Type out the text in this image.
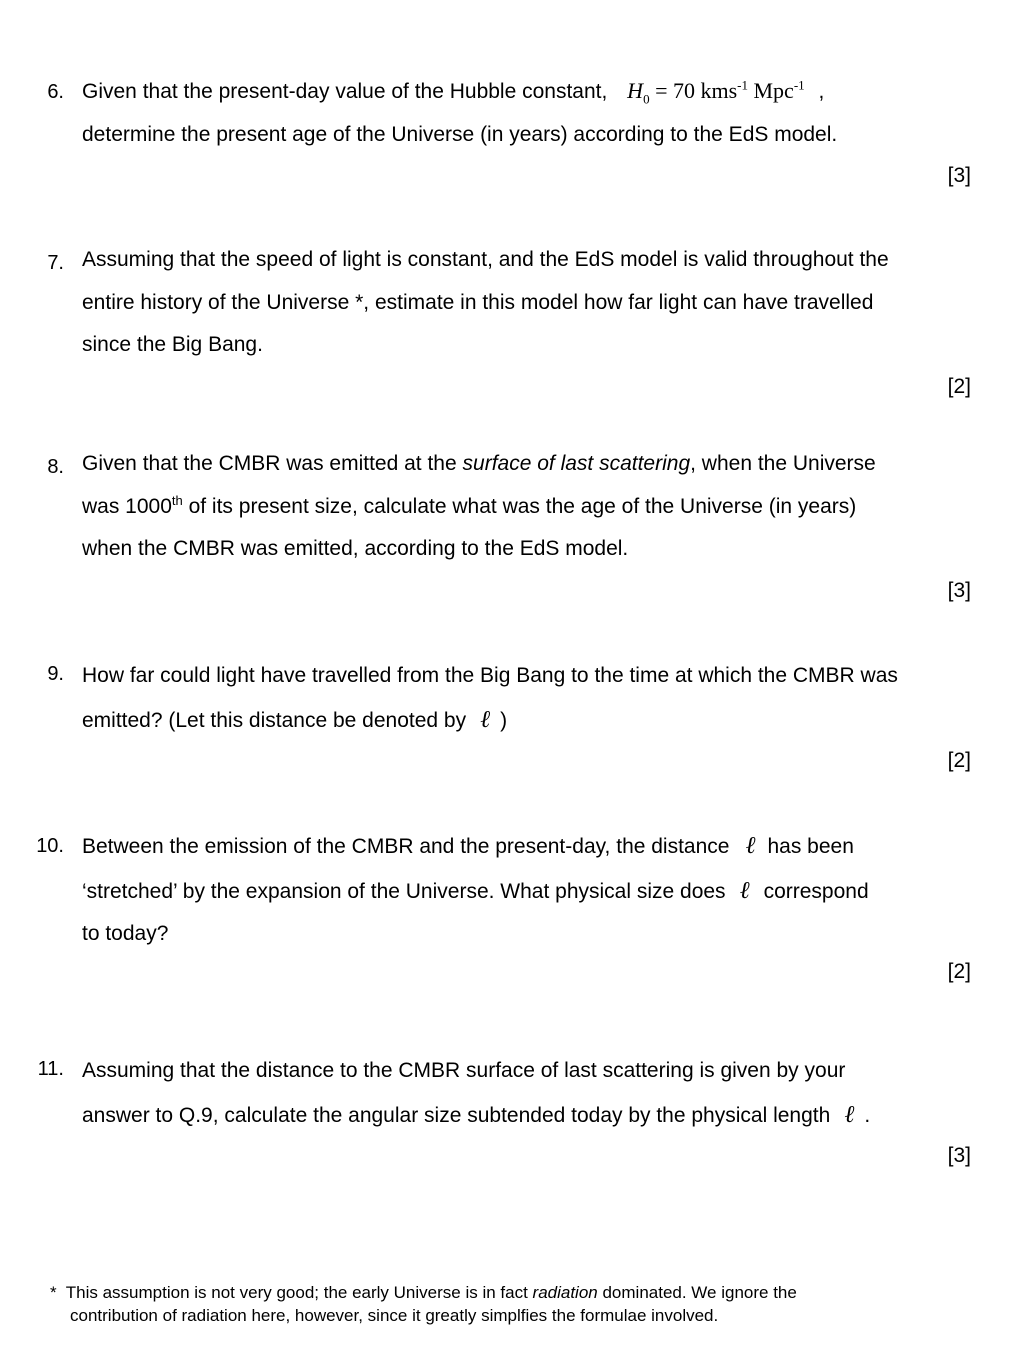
6. Given that the present-day value of the Hubble constant, $H_0 = 70$ kms$^{-1}$ Mpc$^{-1}$ ,
determine the present age of the Universe (in years) according to the EdS model.
[3]
7. Assuming that the speed of light is constant, and the EdS model is valid throughout the
entire history of the Universe *, estimate in this model how far light can have travelled
since the Big Bang.
[2]
8. Given that the CMBR was emitted at the surface of last scattering, when the Universe
was 1000th of its present size, calculate what was the age of the Universe (in years)
when the CMBR was emitted, according to the EdS model.
[3]
9. How far could light have travelled from the Big Bang to the time at which the CMBR was
emitted? (Let this distance be denoted by ℓ )
[2]
10. Between the emission of the CMBR and the present-day, the distance ℓ has been
‘stretched’ by the expansion of the Universe. What physical size does ℓ correspond
to today?
[2]
11. Assuming that the distance to the CMBR surface of last scattering is given by your
answer to Q.9, calculate the angular size subtended today by the physical length ℓ .
[3]
* This assumption is not very good; the early Universe is in fact radiation dominated. We ignore the
contribution of radiation here, however, since it greatly simplfies the formulae involved.
